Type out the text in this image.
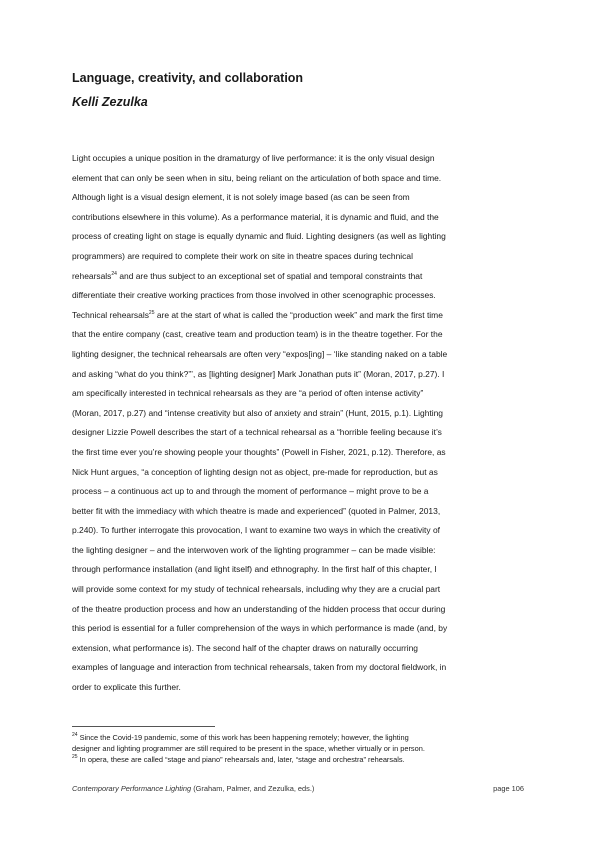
Language, creativity, and collaboration
Kelli Zezulka
Light occupies a unique position in the dramaturgy of live performance: it is the only visual design
element that can only be seen when in situ, being reliant on the articulation of both space and time.
Although light is a visual design element, it is not solely image based (as can be seen from
contributions elsewhere in this volume). As a performance material, it is dynamic and fluid, and the
process of creating light on stage is equally dynamic and fluid. Lighting designers (as well as lighting
programmers) are required to complete their work on site in theatre spaces during technical
rehearsals$^{24}$ and are thus subject to an exceptional set of spatial and temporal constraints that
differentiate their creative working practices from those involved in other scenographic processes.
Technical rehearsals$^{25}$ are at the start of what is called the “production week” and mark the first time
that the entire company (cast, creative team and production team) is in the theatre together. For the
lighting designer, the technical rehearsals are often very “expos[ing] – ‘like standing naked on a table
and asking “what do you think?”’, as [lighting designer] Mark Jonathan puts it” (Moran, 2017, p.27). I
am specifically interested in technical rehearsals as they are “a period of often intense activity”
(Moran, 2017, p.27) and “intense creativity but also of anxiety and strain” (Hunt, 2015, p.1). Lighting
designer Lizzie Powell describes the start of a technical rehearsal as a “horrible feeling because it’s
the first time ever you’re showing people your thoughts” (Powell in Fisher, 2021, p.12). Therefore, as
Nick Hunt argues, “a conception of lighting design not as object, pre-made for reproduction, but as
process – a continuous act up to and through the moment of performance – might prove to be a
better fit with the immediacy with which theatre is made and experienced” (quoted in Palmer, 2013,
p.240). To further interrogate this provocation, I want to examine two ways in which the creativity of
the lighting designer – and the interwoven work of the lighting programmer – can be made visible:
through performance installation (and light itself) and ethnography. In the first half of this chapter, I
will provide some context for my study of technical rehearsals, including why they are a crucial part
of the theatre production process and how an understanding of the hidden process that occur during
this period is essential for a fuller comprehension of the ways in which performance is made (and, by
extension, what performance is). The second half of the chapter draws on naturally occurring
examples of language and interaction from technical rehearsals, taken from my doctoral fieldwork, in
order to explicate this further.
$^{24}$ Since the Covid-19 pandemic, some of this work has been happening remotely; however, the lighting
designer and lighting programmer are still required to be present in the space, whether virtually or in person.
$^{25}$ In opera, these are called “stage and piano” rehearsals and, later, “stage and orchestra” rehearsals.
Contemporary Performance Lighting (Graham, Palmer, and Zezulka, eds.)	page 106
